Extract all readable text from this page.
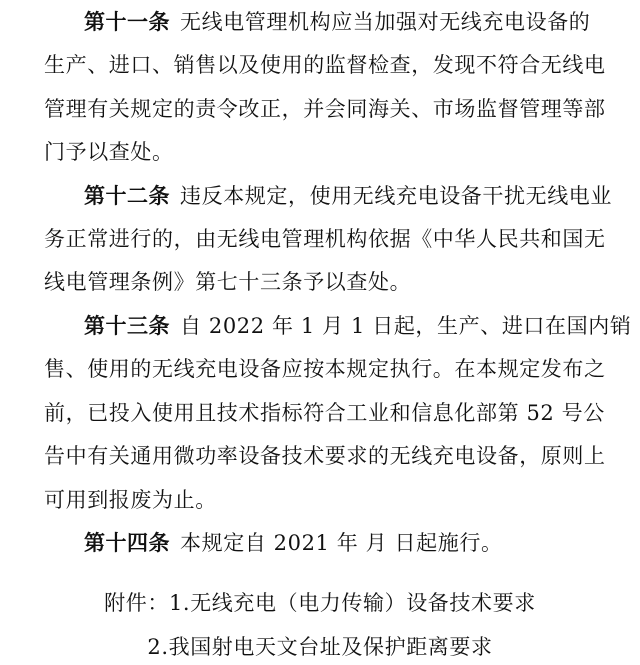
第十一条 无线电管理机构应当加强对无线充电设备的
生产、进口、销售以及使用的监督检查，发现不符合无线电
管理有关规定的责令改正，并会同海关、市场监督管理等部
门予以查处。
第十二条 违反本规定，使用无线充电设备干扰无线电业
务正常进行的，由无线电管理机构依据《中华人民共和国无
线电管理条例》第七十三条予以查处。
第十三条 自 2022 年 1 月 1 日起，生产、进口在国内销
售、使用的无线充电设备应按本规定执行。在本规定发布之
前，已投入使用且技术指标符合工业和信息化部第 52 号公
告中有关通用微功率设备技术要求的无线充电设备，原则上
可用到报废为止。
第十四条 本规定自 2021 年 月 日起施行。
附件：1.无线充电（电力传输）设备技术要求
2.我国射电天文台址及保护距离要求
